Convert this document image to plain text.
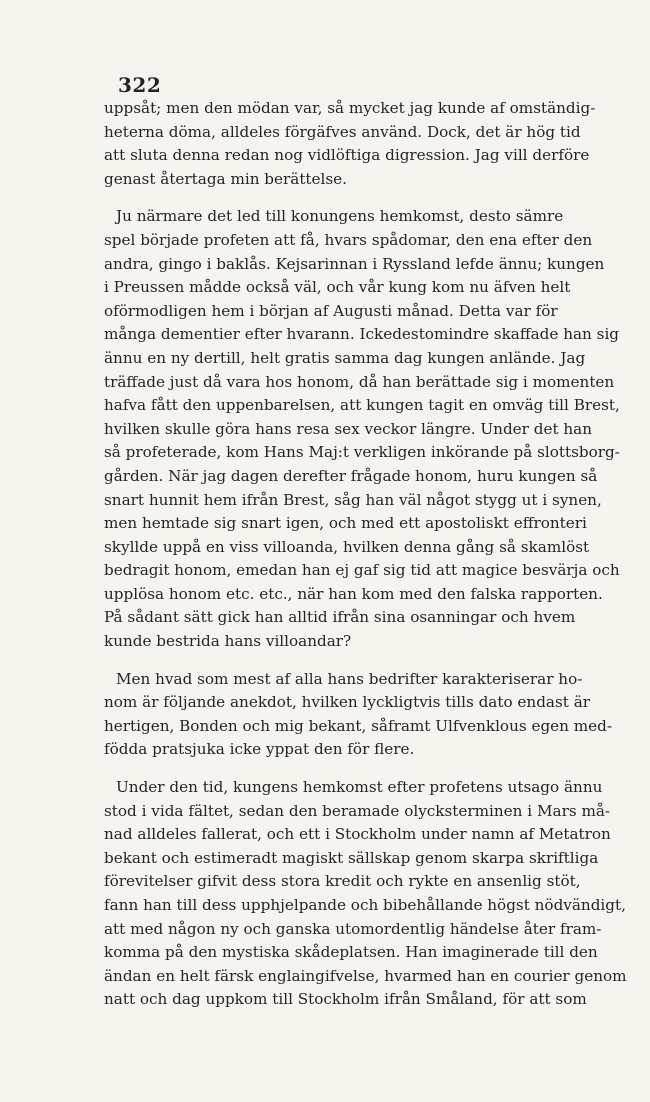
322
uppsåt; men den mödan var, så mycket jag kunde af omständig-
heterna döma, alldeles förgäfves använd. Dock, det är hög tid
att sluta denna redan nog vidlöftiga digression. Jag vill derföre
genast återtaga min berättelse.
Ju närmare det led till konungens hemkomst, desto sämre
spel började profeten att få, hvars spådomar, den ena efter den
andra, gingo i baklås. Kejsarinnan i Ryssland lefde ännu; kungen
i Preussen mådde också väl, och vår kung kom nu äfven helt
oförmodligen hem i början af Augusti månad. Detta var för
många dementier efter hvarann. Ickedestomindre skaffade han sig
ännu en ny dertill, helt gratis samma dag kungen anlände. Jag
träffade just då vara hos honom, då han berättade sig i momenten
hafva fått den uppenbarelsen, att kungen tagit en omväg till Brest,
hvilken skulle göra hans resa sex veckor längre. Under det han
så profeterade, kom Hans Maj:t verkligen inkörande på slottsborg-
gården. När jag dagen derefter frågade honom, huru kungen så
snart hunnit hem ifrån Brest, såg han väl något stygg ut i synen,
men hemtade sig snart igen, och med ett apostoliskt effronteri
skyllde uppå en viss villoanda, hvilken denna gång så skamlöst
bedragit honom, emedan han ej gaf sig tid att magice besvärja och
upplösa honom etc. etc., när han kom med den falska rapporten.
På sådant sätt gick han alltid ifrån sina osanningar och hvem
kunde bestrida hans villoandar?
Men hvad som mest af alla hans bedrifter karakteriserar ho-
nom är följande anekdot, hvilken lyckligtvis tills dato endast är
hertigen, Bonden och mig bekant, såframt Ulfvenklous egen med-
födda pratsjuka icke yppat den för flere.
Under den tid, kungens hemkomst efter profetens utsago ännu
stod i vida fältet, sedan den beramade olycksterminen i Mars må-
nad alldeles fallerat, och ett i Stockholm under namn af Metatron
bekant och estimeradt magiskt sällskap genom skarpa skriftliga
förevitelser gifvit dess stora kredit och rykte en ansenlig stöt,
fann han till dess upphjelpande och bibehållande högst nödvändigt,
att med någon ny och ganska utomordentlig händelse åter fram-
komma på den mystiska skådeplatsen. Han imaginerade till den
ändan en helt färsk englaingifvelse, hvarmed han en courier genom
natt och dag uppkom till Stockholm ifrån Småland, för att som
